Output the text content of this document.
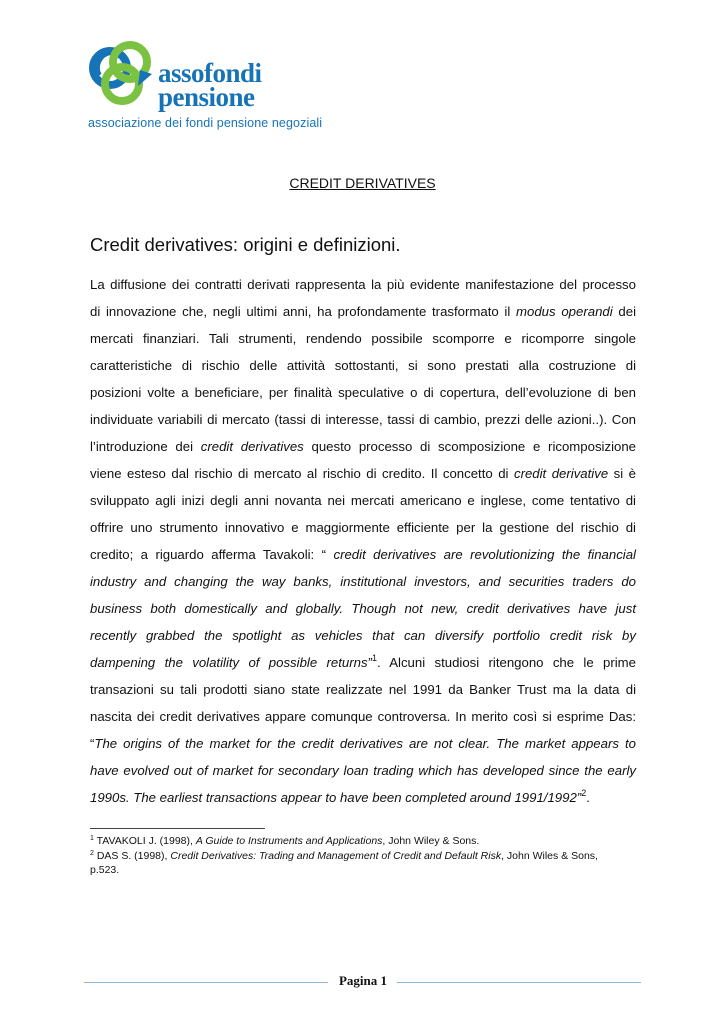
assofondi
pensione
associazione dei fondi pensione negoziali
CREDIT DERIVATIVES
Credit derivatives: origini e definizioni.
La diffusione dei contratti derivati rappresenta la più evidente manifestazione del processo
di innovazione che, negli ultimi anni, ha profondamente trasformato il modus operandi dei
mercati finanziari. Tali strumenti, rendendo possibile scomporre e ricomporre singole
caratteristiche di rischio delle attività sottostanti, si sono prestati alla costruzione di
posizioni volte a beneficiare, per finalità speculative o di copertura, dell’evoluzione di ben
individuate variabili di mercato (tassi di interesse, tassi di cambio, prezzi delle azioni..). Con
l’introduzione dei credit derivatives questo processo di scomposizione e ricomposizione
viene esteso dal rischio di mercato al rischio di credito. Il concetto di credit derivative si è
sviluppato agli inizi degli anni novanta nei mercati americano e inglese, come tentativo di
offrire uno strumento innovativo e maggiormente efficiente per la gestione del rischio di
credito; a riguardo afferma Tavakoli: “ credit derivatives are revolutionizing the financial
industry and changing the way banks, institutional investors, and securities traders do
business both domestically and globally. Though not new, credit derivatives have just
recently grabbed the spotlight as vehicles that can diversify portfolio credit risk by
dampening the volatility of possible returns”$^1$. Alcuni studiosi ritengono che le prime
transazioni su tali prodotti siano state realizzate nel 1991 da Banker Trust ma la data di
nascita dei credit derivatives appare comunque controversa. In merito così si esprime Das:
“The origins of the market for the credit derivatives are not clear. The market appears to
have evolved out of market for secondary loan trading which has developed since the early
1990s. The earliest transactions appear to have been completed around 1991/1992”$^2$.
$^1$ TAVAKOLI J. (1998), A Guide to Instruments and Applications, John Wiley & Sons.
$^2$ DAS S. (1998), Credit Derivatives: Trading and Management of Credit and Default Risk, John Wiles & Sons,
p.523.
Pagina 1
